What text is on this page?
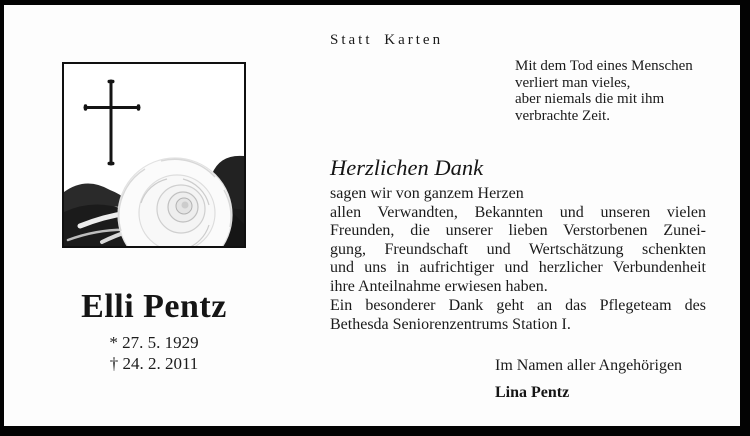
Elli Pentz
* 27. 5. 1929
† 24. 2. 2011
Statt Karten
Mit dem Tod eines Menschen
verliert man vieles,
aber niemals die mit ihm
verbrachte Zeit.
Herzlichen Dank
sagen wir von ganzem Herzen
allen Verwandten, Bekannten und unseren vielen
Freunden, die unserer lieben Verstorbenen Zunei-
gung, Freundschaft und Wertschätzung schenkten
und uns in aufrichtiger und herzlicher Verbundenheit
ihre Anteilnahme erwiesen haben.
Ein besonderer Dank geht an das Pflegeteam des
Bethesda Seniorenzentrums Station I.
Im Namen aller Angehörigen
Lina Pentz
